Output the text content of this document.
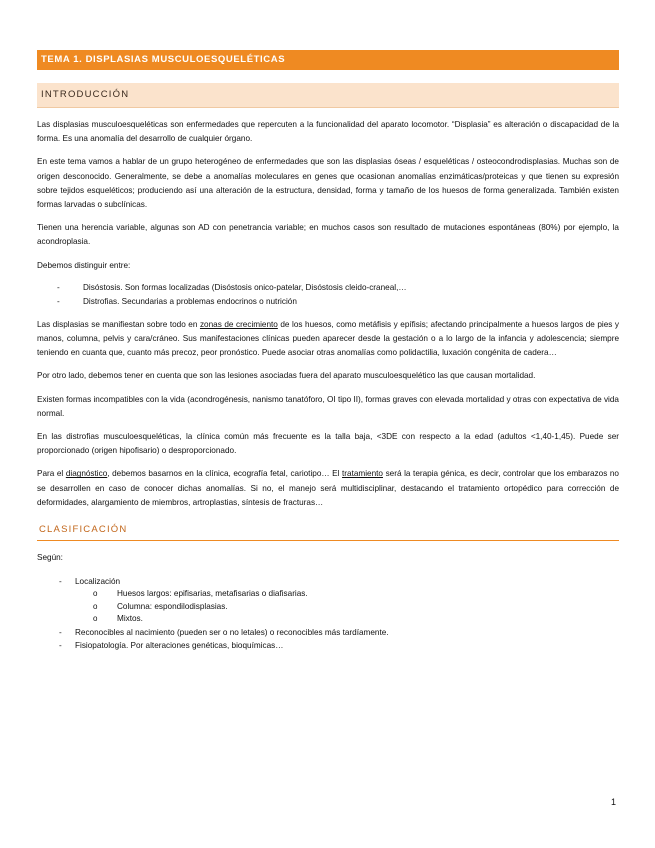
TEMA 1. DISPLASIAS MUSCULOESQUELÉTICAS
INTRODUCCIÓN

Las displasias musculoesqueléticas son enfermedades que repercuten a la funcionalidad del aparato locomotor. “Displasia” es alteración o discapacidad de la forma. Es una anomalía del desarrollo de cualquier órgano.

En este tema vamos a hablar de un grupo heterogéneo de enfermedades que son las displasias óseas / esqueléticas / osteocondrodisplasias. Muchas son de origen desconocido. Generalmente, se debe a anomalías moleculares en genes que ocasionan anomalías enzimáticas/proteicas y que tienen su expresión sobre tejidos esqueléticos; produciendo así una alteración de la estructura, densidad, forma y tamaño de los huesos de forma generalizada. También existen formas larvadas o subclínicas.

Tienen una herencia variable, algunas son AD con penetrancia variable; en muchos casos son resultado de mutaciones espontáneas (80%) por ejemplo, la acondroplasia.

Debemos distinguir entre:

-	Disóstosis. Son formas localizadas (Disóstosis onico-patelar, Disóstosis cleido-craneal,…
-	Distrofias. Secundarias a problemas endocrinos o nutrición

Las displasias se manifiestan sobre todo en zonas de crecimiento de los huesos, como metáfisis y epífisis; afectando principalmente a huesos largos de pies y manos, columna, pelvis y cara/cráneo. Sus manifestaciones clínicas pueden aparecer desde la gestación o a lo largo de la infancia y adolescencia; siempre teniendo en cuanta que, cuanto más precoz, peor pronóstico. Puede asociar otras anomalías como polidactilia, luxación congénita de cadera…

Por otro lado, debemos tener en cuenta que son las lesiones asociadas fuera del aparato musculoesquelético las que causan mortalidad.

Existen formas incompatibles con la vida (acondrogénesis, nanismo tanatóforo, OI tipo II), formas graves con elevada mortalidad y otras con expectativa de vida normal.

En las distrofias musculoesqueléticas, la clínica común más frecuente es la talla baja, <3DE con respecto a la edad (adultos <1,40-1,45). Puede ser proporcionado (origen hipofisario) o desproporcionado.

Para el diagnóstico, debemos basarnos en la clínica, ecografía fetal, cariotipo… El tratamiento será la terapia génica, es decir, controlar que los embarazos no se desarrollen en caso de conocer dichas anomalías. Si no, el manejo será multidisciplinar, destacando el tratamiento ortopédico para corrección de deformidades, alargamiento de miembros, artroplastias, síntesis de fracturas…

CLASIFICACIÓN
Según:
- Localización
o Huesos largos: epifisarias, metafisarias o diafisarias.
o Columna: espondilodisplasias.
o Mixtos.
- Reconocibles al nacimiento (pueden ser o no letales) o reconocibles más tardíamente.
- Fisiopatología. Por alteraciones genéticas, bioquímicas…
1
